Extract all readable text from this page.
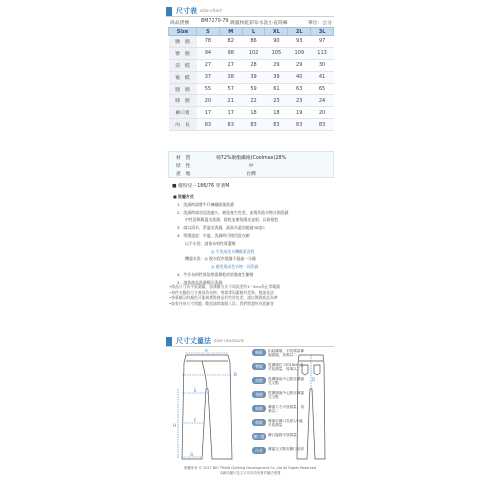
尺寸表 size chart
商品貨號 BM7270-79 吸濕快乾彩布水洗小直筒褲	單位：公分
Size	S	M	L	XL	2L	3L
腰　圍	78	82	86	90	93	97
臀　圍	94	98	102	105	109	113
前　檔	27	27	28	29	29	30
後　檔	37	38	39	39	40	41
腿　圍	55	57	59	61	63	65
膝　圍	20	21	22	23	23	24
褲口寬	17	17	18	18	19	20
內　長	83	83	83	83	83	83
材　質	棉72%聚酯纖維(Coolmax)28%
厚　性	中
產　地	台灣
■ 模特兒－186/76 穿著M
■ 洗滌方式
1．洗滌時請將牛仔褲翻面後洗濯
2．洗滌時請勿浸泡過久，避免產生色差，並與其他衣物分開洗滌
中性洗劑與溫水洗滌，陰乾並避免陽光直射，以防褪色
3．請以清水、常溫水洗滌，最高水溫勿超過30度C
4．熨燙溫度：中溫，洗滌時可使用洗衣網
以手水洗：請依布料性質選擇
◎ 手洗或洗衣機輕柔洗程
機器水洗：◎ 脫水程序建議不超過一分鐘
◎ 避免與深色衣物一同洗滌
4．牛仔布料性質依照需擰乾的狀態產生皺褶
5．請依商品洗滌標示洗滌
•商品尺寸為平放測量，依測量方式不同誤差約1~3cm為正常範圍
•每件衣服的尺寸會因為布料、剪裁等因素略有差異，敬請見諒
•螢幕顯示的顏色可能與實際商品有些許色差，請以實際商品為準
•如有任何尺寸問題，歡迎詢問客服人員，我們將盡快為您解答
尺寸丈量法 size measure
A
B
E
F
G
H
腰圍	扣起褲頭，平放測量褲頭兩端，再乘以二
臀圍	從褲頭往下約18cm處平放測量，再乘以二
前檔	從褲頭前中心點至褲襠交叉點
後檔	從褲頭後中心點至褲襠交叉點
腿圍	褲襠下方平放測量，再乘以二
膝圍	褲襠至褲口長度1/2處平放測量
褲口寬 褲口邊緣平放測量
內長	褲襠交叉點至褲口底部
D
版權所有 © 2017 BIG TRAIN Clothing Development Co.,Ltd All Rights Reserved
本網站圖片及文字內容均受著作權法保護
